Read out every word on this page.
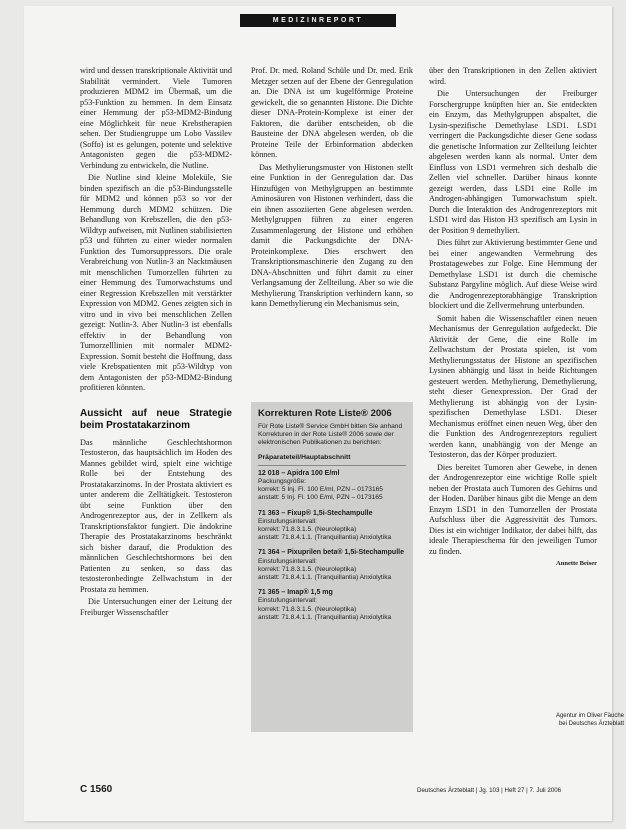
MEDIZINREPORT

wird und dessen transkriptionale Aktivität und Stabilität vermindert. Viele Tumoren produzieren MDM2 im Übermaß, um die p53-Funktion zu hemmen. In dem Einsatz einer Hemmung der p53-MDM2-Bindung eine Möglichkeit für neue Krebstherapien sehen. Der Studiengruppe um Lobo Vassilev (Soffo) ist es gelungen, potente und selektive Antagonisten gegen die p53-MDM2-Verbindung zu entwickeln, die Nutline.

Die Nutline sind kleine Moleküle, Sie binden spezifisch an die p53-Bindungsstelle für MDM2 und können p53 so vor der Hemmung durch MDM2 schützen. Die Behandlung von Krebszellen, die den p53-Wildtyp aufweisen, mit Nutlinen stabilisierten p53 und führten zu einer wieder normalen Funktion des Tumorsuppressors. Die orale Verabreichung von Nutlin-3 an Nacktmäusen mit menschlichen Tumorzellen führten zu einer Hemmung des Tumorwachstums und einer Regression Krebszellen mit verstärkter Expression von MDM2. Genes zeigten sich in vitro und in vivo bei menschlichen Zellen gezeigt: Nutlin-3. Aber Nutlin-3 ist ebenfalls effektiv in der Behandlung von Tumorzelllinien mit normaler MDM2-Expression. Somit besteht die Hoffnung, dass viele Krebspatienten mit p53-Wildtyp von dem Antagonisten der p53-MDM2-Bindung profitieren könnten.

Aussicht auf neue Strategie beim Prostatakarzinom

Das männliche Geschlechtshormon Testosteron, das hauptsächlich im Hoden des Mannes gebildet wird, spielt eine wichtige Rolle bei der Entstehung des Prostatakarzinoms. In der Prostata aktiviert es unter anderem die Zelltätigkeit. Testosteron übt seine Funktion über den Androgenrezeptor aus, der in Zellkern als Transkriptionsfaktor fungiert. Die ändokrine Therapie des Prostatakarzinoms beschränkt sich bisher darauf, die Produktion des männlichen Geschlechtshormons bei den Patienten zu senken, so dass das testosteronbedingte Zellwachstum in der Prostata zu hemmen.

Die Untersuchungen einer der Leitung der Freiburger Wissenschaftler

Prof. Dr. med. Roland Schüle und Dr. med. Erik Metzger setzen auf der Ebene der Genregulation an. Die DNA ist um kugelförmige Proteine gewickelt, die so genannten Histone. Die Dichte dieser DNA-Protein-Komplexe ist einer der Faktoren, die darüber entscheiden, ob die Bausteine der DNA abgelesen werden, ob die Proteine Teile der Erbinformation abdecken können.

Das Methylierungsmuster von Histonen stellt eine Funktion in der Genregulation dar. Das Hinzufügen von Methylgruppen an bestimmte Aminosäuren von Histonen verhindert, dass die ein ihnen assoziierten Gene abgelesen werden. Methylgruppen führen zu einer engeren Zusammenlagerung der Histone und erhöhen damit die Packungsdichte der DNA-Proteinkomplexe. Dies erschwert den Transkriptionsmaschinerie den Zugang zu den DNA-Abschnitten und führt damit zu einer Verlangsamung der Zellteilung. Aber so wie die Methylierung Transkription verhindern kann, so kann Demethylierung ein Mechanismus sein,

Korrekturen Rote Liste® 2006
Für Rote Liste® Service GmbH bitten Sie anhand Korrekturen in der Rote Liste® 2006 sowie der elektronischen Publikationen zu berichten:
Präparateteil/Hauptabschnitt
12 018 – Apidra 100 E/ml
Packungsgröße:
korrekt: 5 Inj. Fl. 100 E/ml, PZN – 0173165
anstatt: 5 Inj. Fl. 100 E/ml, PZN – 0173165
71 363 – Fixup® 1,5i-Stechampulle
Einstufungsintervall:
korrekt: 71.8.3.1.5. (Neuroleptika)
anstatt: 71.8.4.1.1. (Tranquillantia) Anxiolytika
71 364 – Pixuprilen beta® 1,5i-Stechampulle
Einstufungsintervall:
korrekt: 71.8.3.1.5. (Neuroleptika)
anstatt: 71.8.4.1.1. (Tranquillantia) Anxiolytika
71 365 – Imap® 1,5 mg
Einstufungsintervall:
korrekt: 71.8.3.1.5. (Neuroleptika)
anstatt: 71.8.4.1.1. (Tranquillantia) Anxiolytika

über den Transkriptionen in den Zellen aktiviert wird.

Die Untersuchungen der Freiburger Forschergruppe knüpften hier an. Sie entdeckten ein Enzym, das Methylgruppen abspaltet, die Lysin-spezifische Demethylase LSD1. LSD1 verringert die Packungsdichte dieser Gene sodass die genetische Information zur Zellteilung leichter abgelesen werden kann als normal. Unter dem Einfluss von LSD1 vermehren sich deshalb die Zellen viel schneller. Darüber hinaus konnte gezeigt werden, dass LSD1 eine Rolle im Androgen-abhängigen Tumorwachstum spielt. Durch die Interaktion des Androgenrezeptors mit LSD1 wird das Histon H3 spezifisch am Lysin in der Position 9 demethyliert.

Dies führt zur Aktivierung bestimmter Gene und bei einer angewandten Vermehrung des Prostatagewebes zur Folge. Eine Hemmung der Demethylase LSD1 ist durch die chemische Substanz Pargyline möglich. Auf diese Weise wird die Androgenrezeptorabhängige Transkription blockiert und die Zellvermehrung unterbunden.

Somit haben die Wissenschaftler einen neuen Mechanismus der Genregulation aufgedeckt. Die Aktivität der Gene, die eine Rolle im Zellwachstum der Prostata spielen, ist vom Methylierungsstatus der Histone an spezifischen Lysinen abhängig und lässt in beide Richtungen gesteuert werden. Methylierung, Demethylierung, steht dieser Genexpression. Der Grad der Methylierung ist abhängig von der Lysin-spezifischen Demethylase LSD1. Dieser Mechanismus eröffnet einen neuen Weg, über den die Funktion des Androgenrezeptors reguliert werden kann, unabhängig von der Menge an Testosteron, das der Körper produziert.

Dies bereitet Tumoren aber Gewebe, in denen der Androgenrezeptor eine wichtige Rolle spielt neben der Prostata auch Tumoren des Gehirns und der Hoden. Darüber hinaus gibt die Menge an dem Enzym LSD1 in den Tumorzellen der Prostata Aufschluss über die Aggressivität des Tumors. Dies ist ein wichtiger Indikator, der dabei hilft, das ideale Therapieschema für den jeweiligen Tumor zu finden.

Annette Beiser
Agentur im Oliver Fäuche bei Deutsches Ärzteblatt
C 1560	Deutsches Ärzteblatt | Jg. 103 | Heft 27 | 7. Juli 2006
